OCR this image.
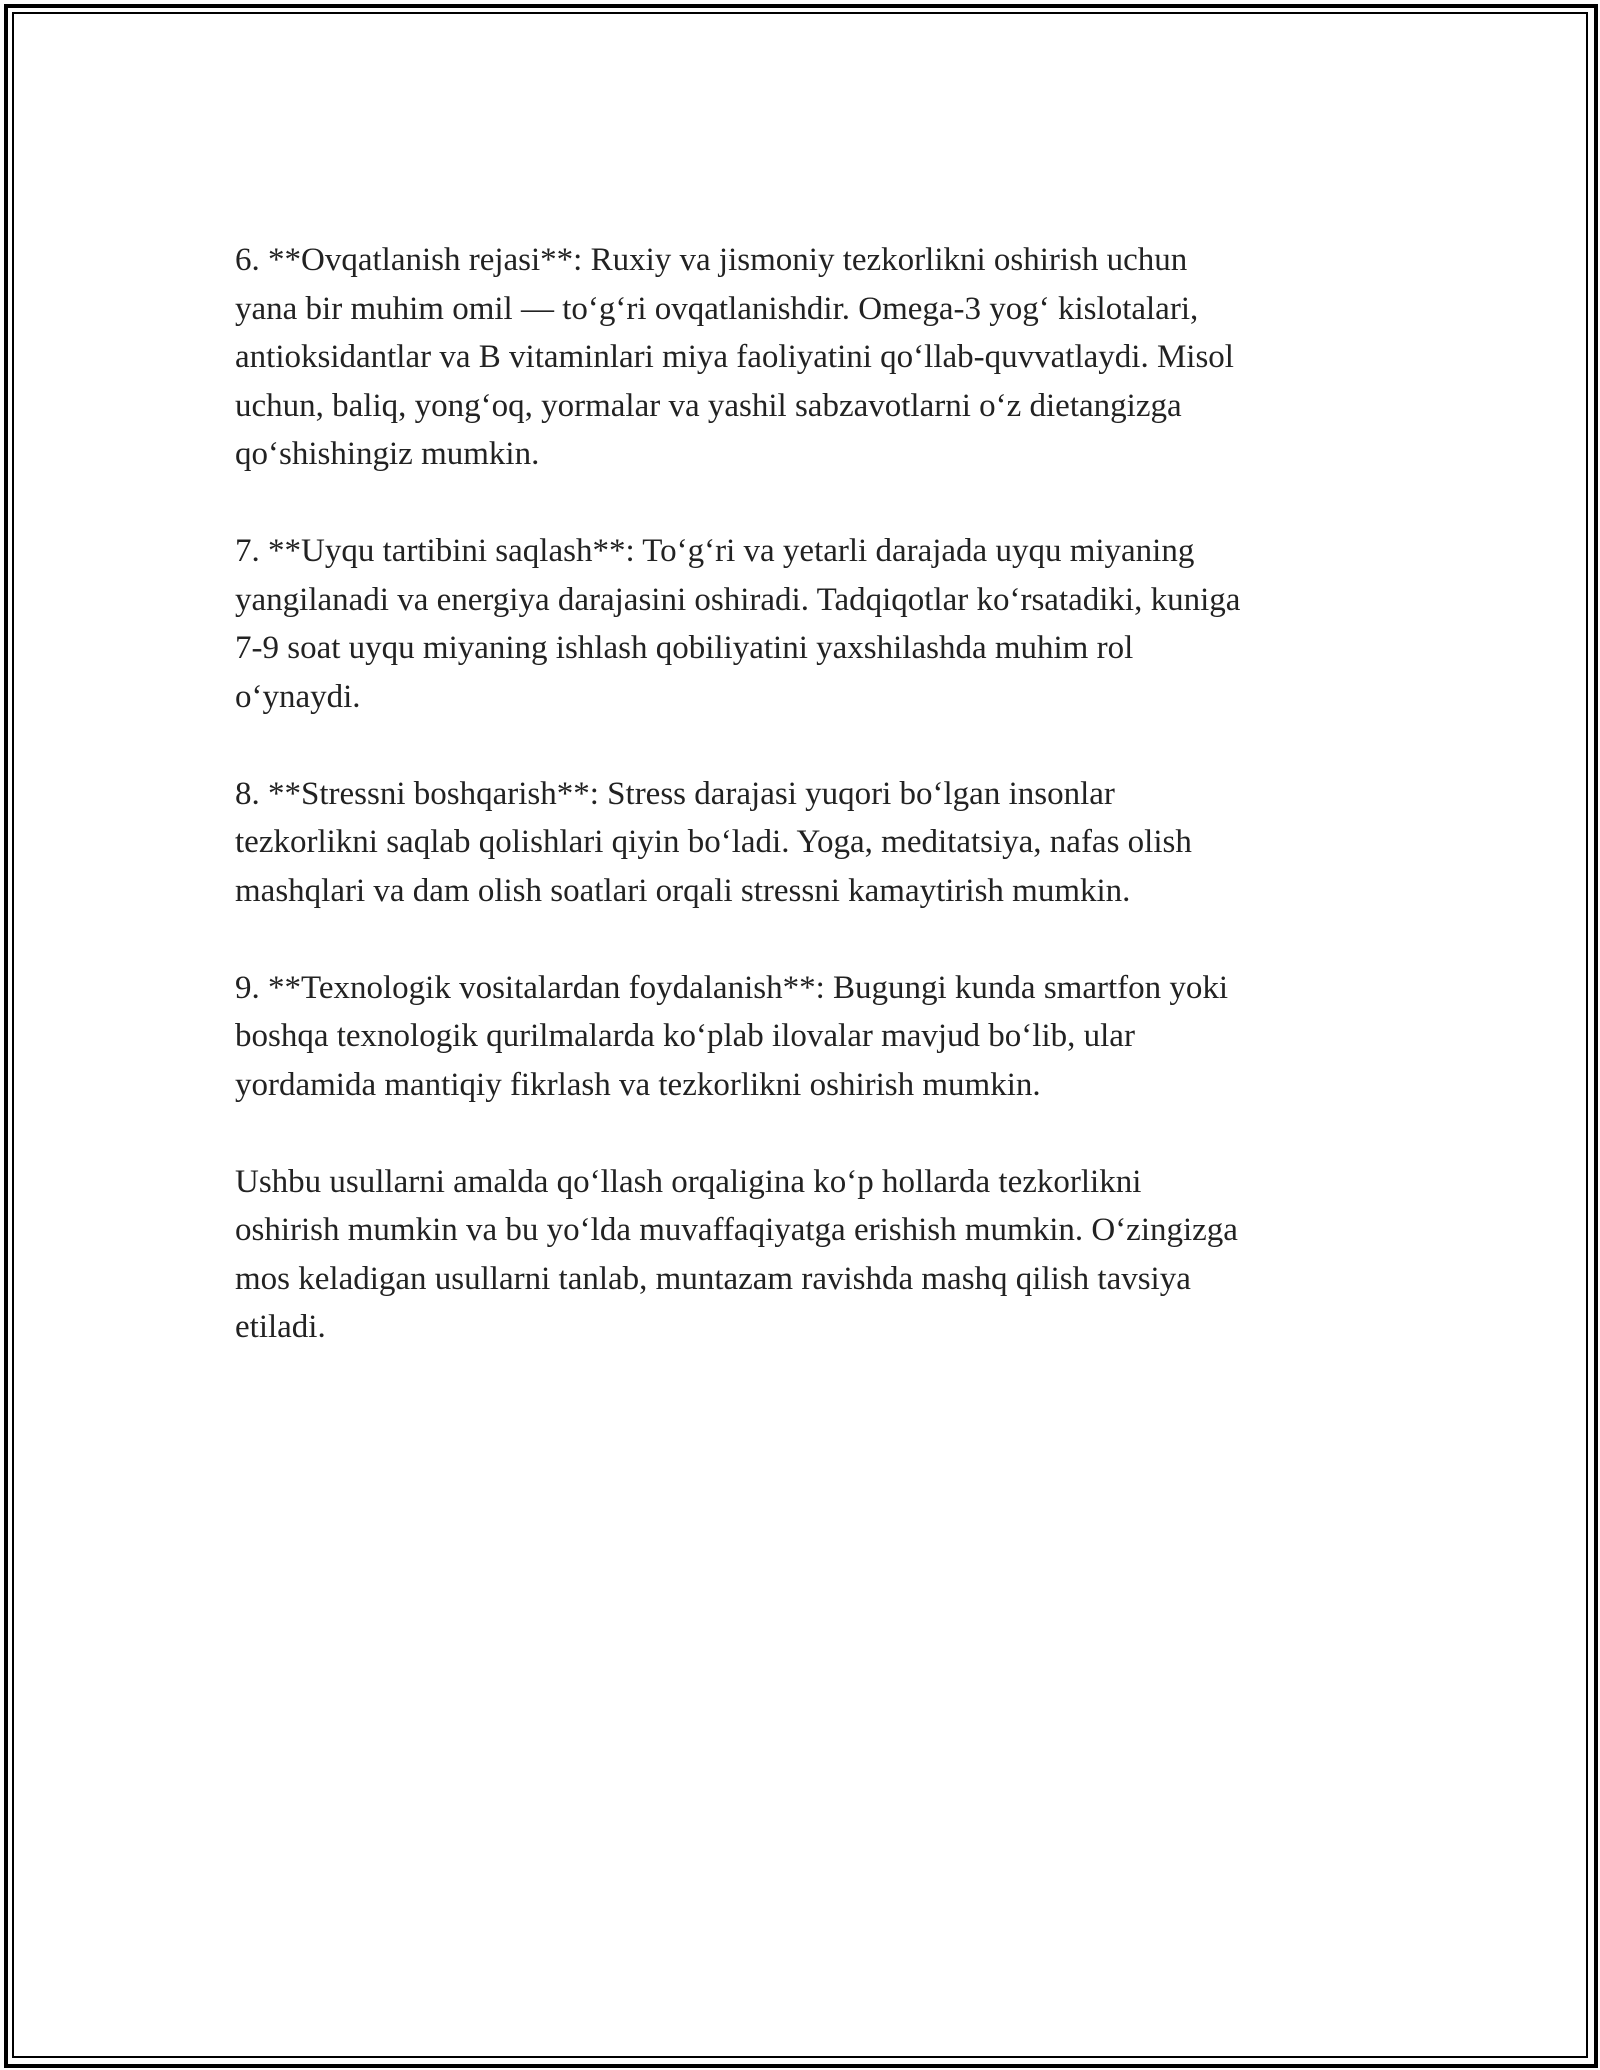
6. **Ovqatlanish rejasi**: Ruxiy va jismoniy tezkorlikni oshirish uchun
yana bir muhim omil — to‘g‘ri ovqatlanishdir. Omega-3 yog‘ kislotalari,
antioksidantlar va B vitaminlari miya faoliyatini qo‘llab-quvvatlaydi. Misol
uchun, baliq, yong‘oq, yormalar va yashil sabzavotlarni o‘z dietangizga
qo‘shishingiz mumkin.

7. **Uyqu tartibini saqlash**: To‘g‘ri va yetarli darajada uyqu miyaning
yangilanadi va energiya darajasini oshiradi. Tadqiqotlar ko‘rsatadiki, kuniga
7-9 soat uyqu miyaning ishlash qobiliyatini yaxshilashda muhim rol
o‘ynaydi.

8. **Stressni boshqarish**: Stress darajasi yuqori bo‘lgan insonlar
tezkorlikni saqlab qolishlari qiyin bo‘ladi. Yoga, meditatsiya, nafas olish
mashqlari va dam olish soatlari orqali stressni kamaytirish mumkin.

9. **Texnologik vositalardan foydalanish**: Bugungi kunda smartfon yoki
boshqa texnologik qurilmalarda ko‘plab ilovalar mavjud bo‘lib, ular
yordamida mantiqiy fikrlash va tezkorlikni oshirish mumkin.

Ushbu usullarni amalda qo‘llash orqaligina ko‘p hollarda tezkorlikni
oshirish mumkin va bu yo‘lda muvaffaqiyatga erishish mumkin. O‘zingizga
mos keladigan usullarni tanlab, muntazam ravishda mashq qilish tavsiya
etiladi.
